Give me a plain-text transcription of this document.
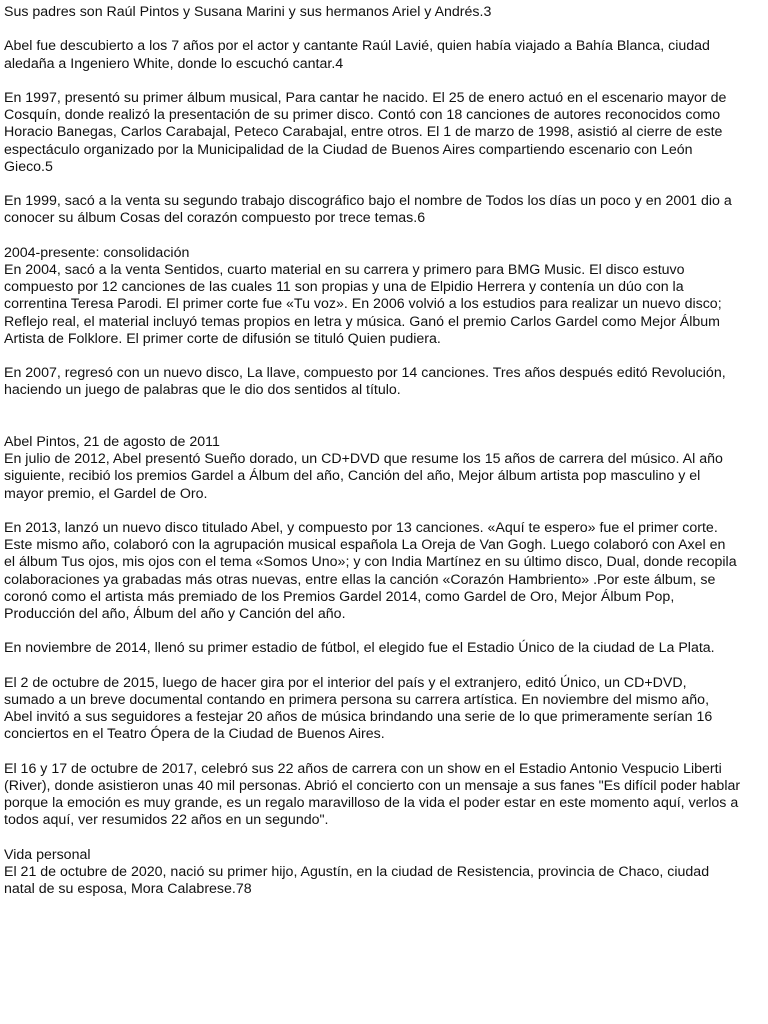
Sus padres son Raúl Pintos y Susana Marini y sus hermanos Ariel y Andrés.3
Abel fue descubierto a los 7 años por el actor y cantante Raúl Lavié, quien había viajado a Bahía Blanca, ciudad
aledaña a Ingeniero White, donde lo escuchó cantar.4
En 1997, presentó su primer álbum musical, Para cantar he nacido. El 25 de enero actuó en el escenario mayor de
Cosquín, donde realizó la presentación de su primer disco. Contó con 18 canciones de autores reconocidos como
Horacio Banegas, Carlos Carabajal, Peteco Carabajal, entre otros. El 1 de marzo de 1998, asistió al cierre de este
espectáculo organizado por la Municipalidad de la Ciudad de Buenos Aires compartiendo escenario con León
Gieco.5
En 1999, sacó a la venta su segundo trabajo discográfico bajo el nombre de Todos los días un poco y en 2001 dio a
conocer su álbum Cosas del corazón compuesto por trece temas.6
2004-presente: consolidación
En 2004, sacó a la venta Sentidos, cuarto material en su carrera y primero para BMG Music. El disco estuvo
compuesto por 12 canciones de las cuales 11 son propias y una de Elpidio Herrera y contenía un dúo con la
correntina Teresa Parodi. El primer corte fue «Tu voz». En 2006 volvió a los estudios para realizar un nuevo disco;
Reflejo real, el material incluyó temas propios en letra y música. Ganó el premio Carlos Gardel como Mejor Álbum
Artista de Folklore. El primer corte de difusión se tituló Quien pudiera.
En 2007, regresó con un nuevo disco, La llave, compuesto por 14 canciones. Tres años después editó Revolución,
haciendo un juego de palabras que le dio dos sentidos al título.
Abel Pintos, 21 de agosto de 2011
En julio de 2012, Abel presentó Sueño dorado, un CD+DVD que resume los 15 años de carrera del músico. Al año
siguiente, recibió los premios Gardel a Álbum del año, Canción del año, Mejor álbum artista pop masculino y el
mayor premio, el Gardel de Oro.
En 2013, lanzó un nuevo disco titulado Abel, y compuesto por 13 canciones. «Aquí te espero» fue el primer corte.
Este mismo año, colaboró con la agrupación musical española La Oreja de Van Gogh. Luego colaboró con Axel en
el álbum Tus ojos, mis ojos con el tema «Somos Uno»; y con India Martínez en su último disco, Dual, donde recopila
colaboraciones ya grabadas más otras nuevas, entre ellas la canción «Corazón Hambriento» .Por este álbum, se
coronó como el artista más premiado de los Premios Gardel 2014, como Gardel de Oro, Mejor Álbum Pop,
Producción del año, Álbum del año y Canción del año.
En noviembre de 2014, llenó su primer estadio de fútbol, el elegido fue el Estadio Único de la ciudad de La Plata.
El 2 de octubre de 2015, luego de hacer gira por el interior del país y el extranjero, editó Único, un CD+DVD,
sumado a un breve documental contando en primera persona su carrera artística. En noviembre del mismo año,
Abel invitó a sus seguidores a festejar 20 años de música brindando una serie de lo que primeramente serían 16
conciertos en el Teatro Ópera de la Ciudad de Buenos Aires.
El 16 y 17 de octubre de 2017, celebró sus 22 años de carrera con un show en el Estadio Antonio Vespucio Liberti
(River), donde asistieron unas 40 mil personas. Abrió el concierto con un mensaje a sus fanes "Es difícil poder hablar
porque la emoción es muy grande, es un regalo maravilloso de la vida el poder estar en este momento aquí, verlos a
todos aquí, ver resumidos 22 años en un segundo".
Vida personal
El 21 de octubre de 2020, nació su primer hijo, Agustín, en la ciudad de Resistencia, provincia de Chaco, ciudad
natal de su esposa, Mora Calabrese.78
